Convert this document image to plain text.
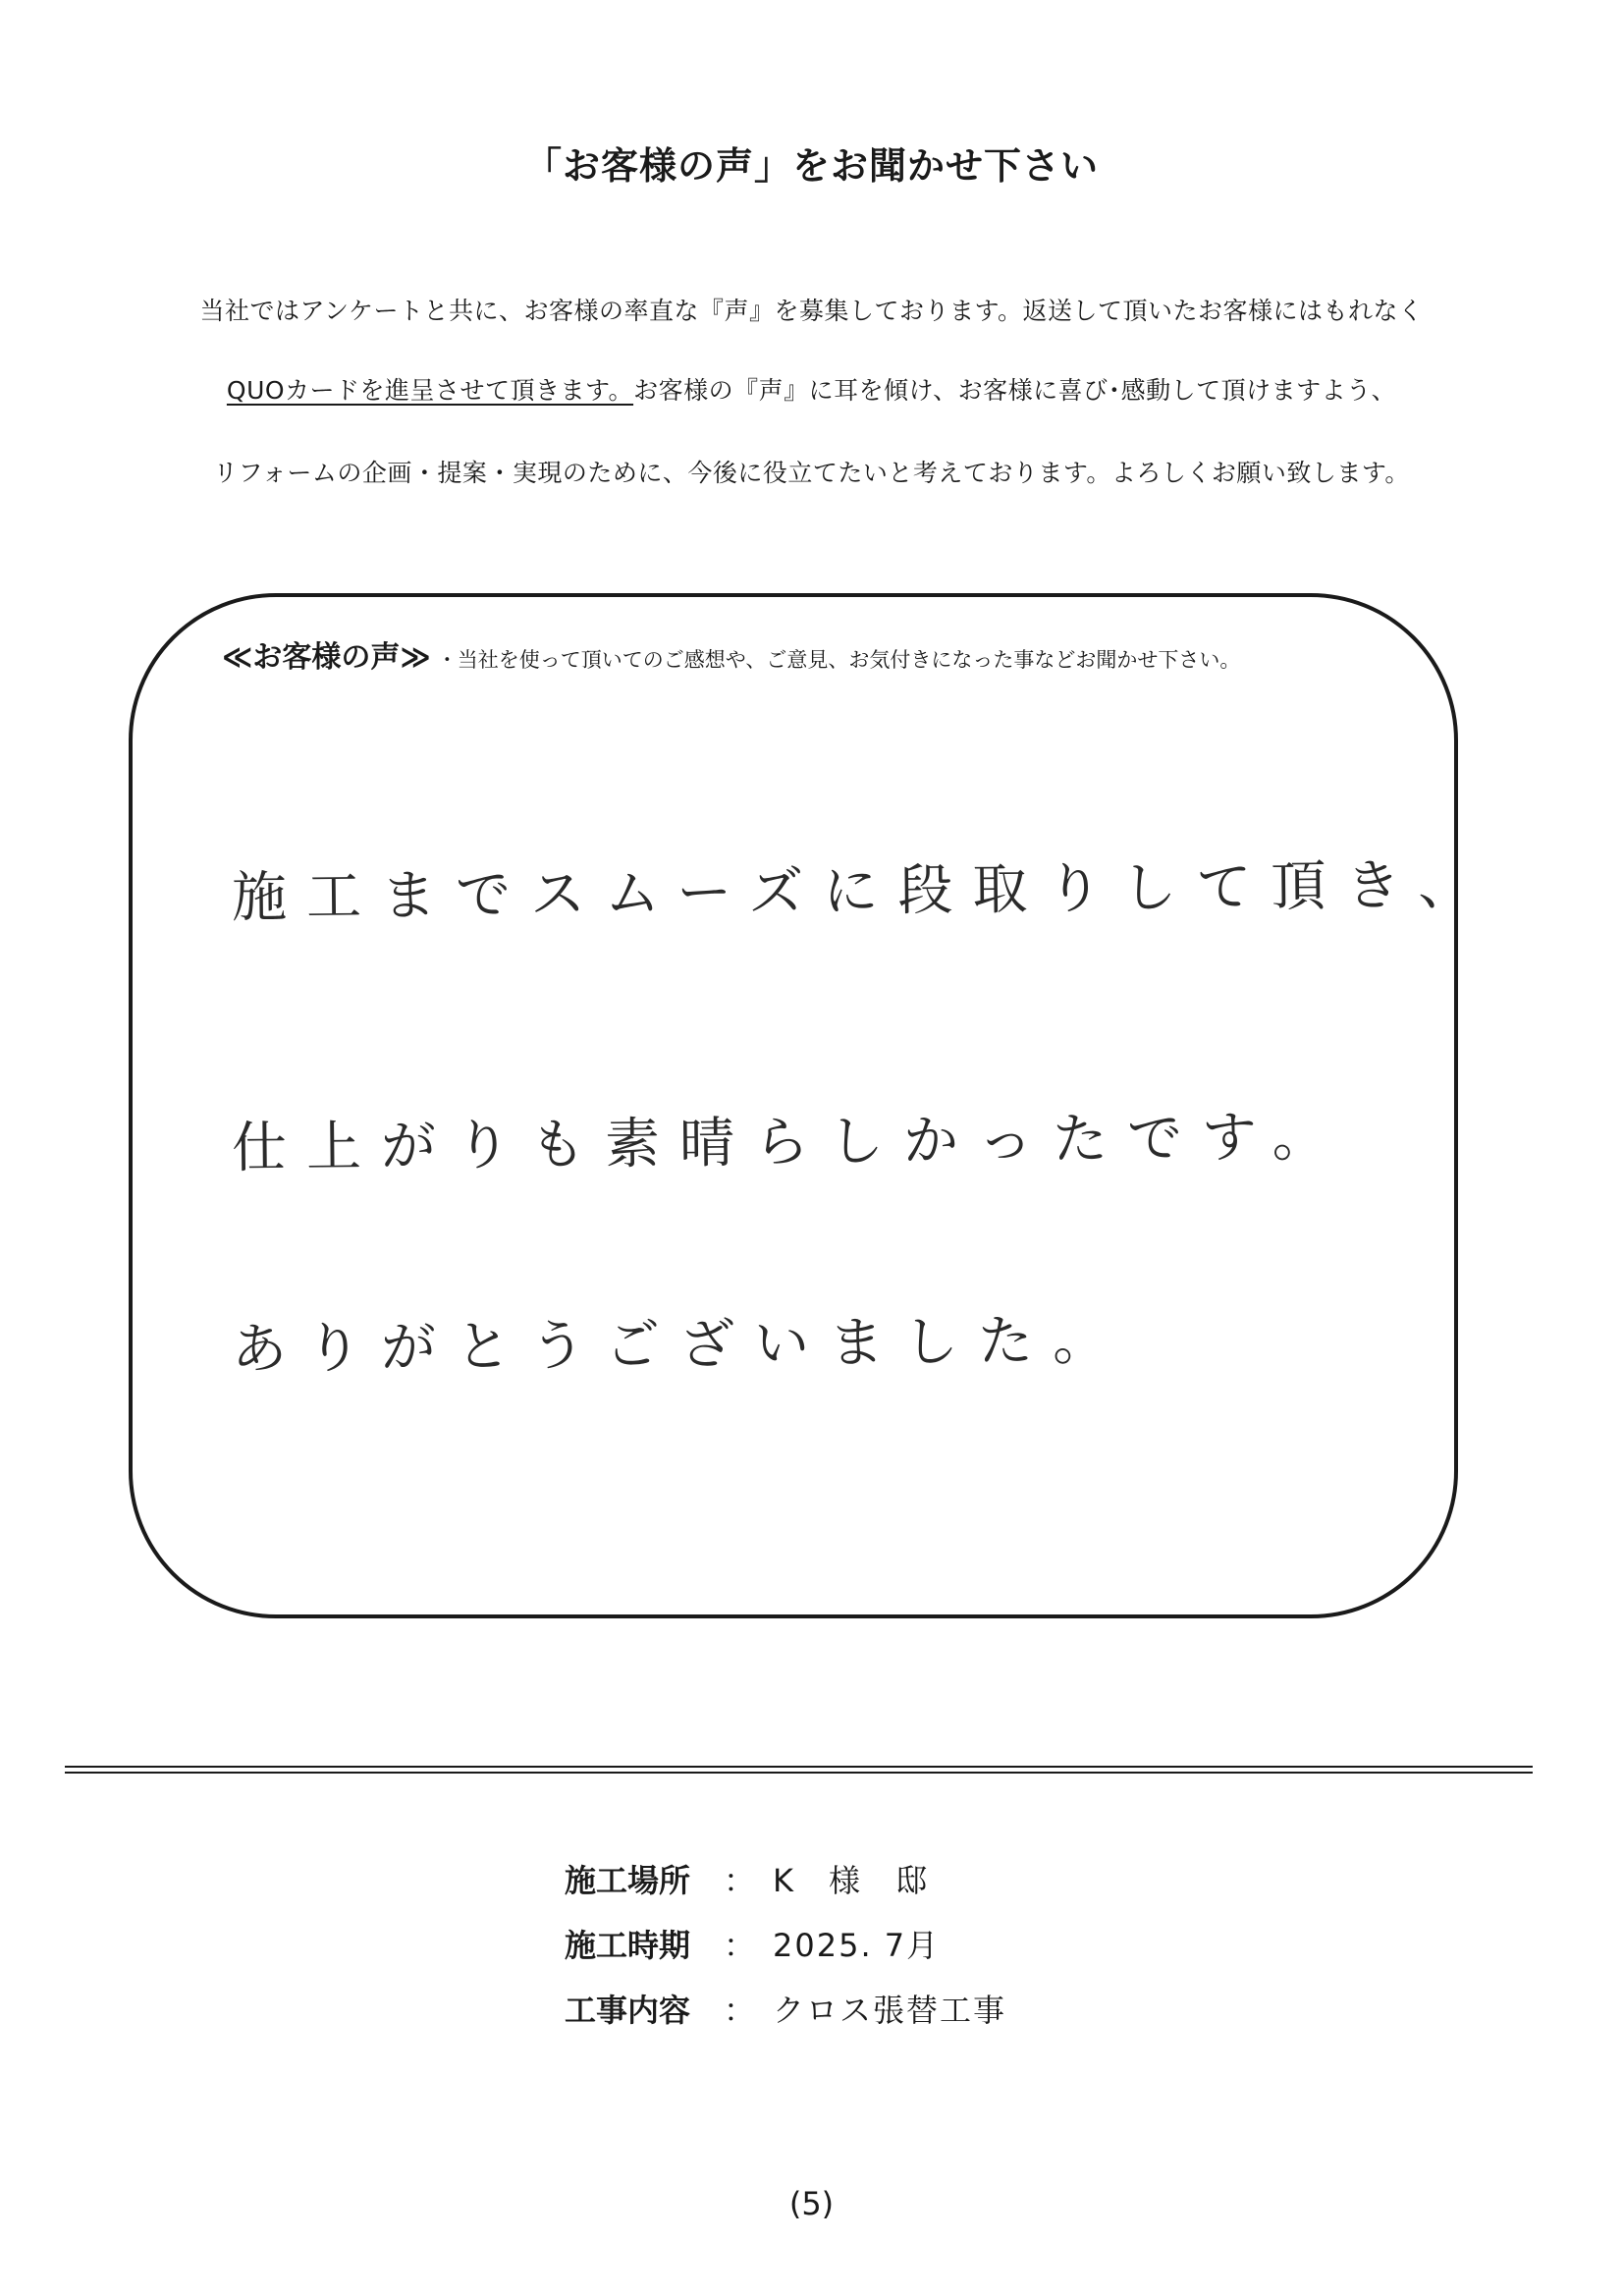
「お客様の声」をお聞かせ下さい
当社ではアンケートと共に、お客様の率直な『声』を募集しております。返送して頂いたお客様にはもれなく
QUOカードを進呈させて頂きます。お客様の『声』に耳を傾け、お客様に喜び･感動して頂けますよう、
リフォームの企画・提案・実現のために、今後に役立てたいと考えております。よろしくお願い致します。
≪お客様の声≫ ・当社を使って頂いてのご感想や、ご意見、お気付きになった事などお聞かせ下さい。
施工までスムーズに段取りして頂き、
仕上がりも素晴らしかったです。
ありがとうございました。
施工場所 ： K　様　邸
施工時期 ： 2025. 7月
工事内容 ： クロス張替工事
(5)
